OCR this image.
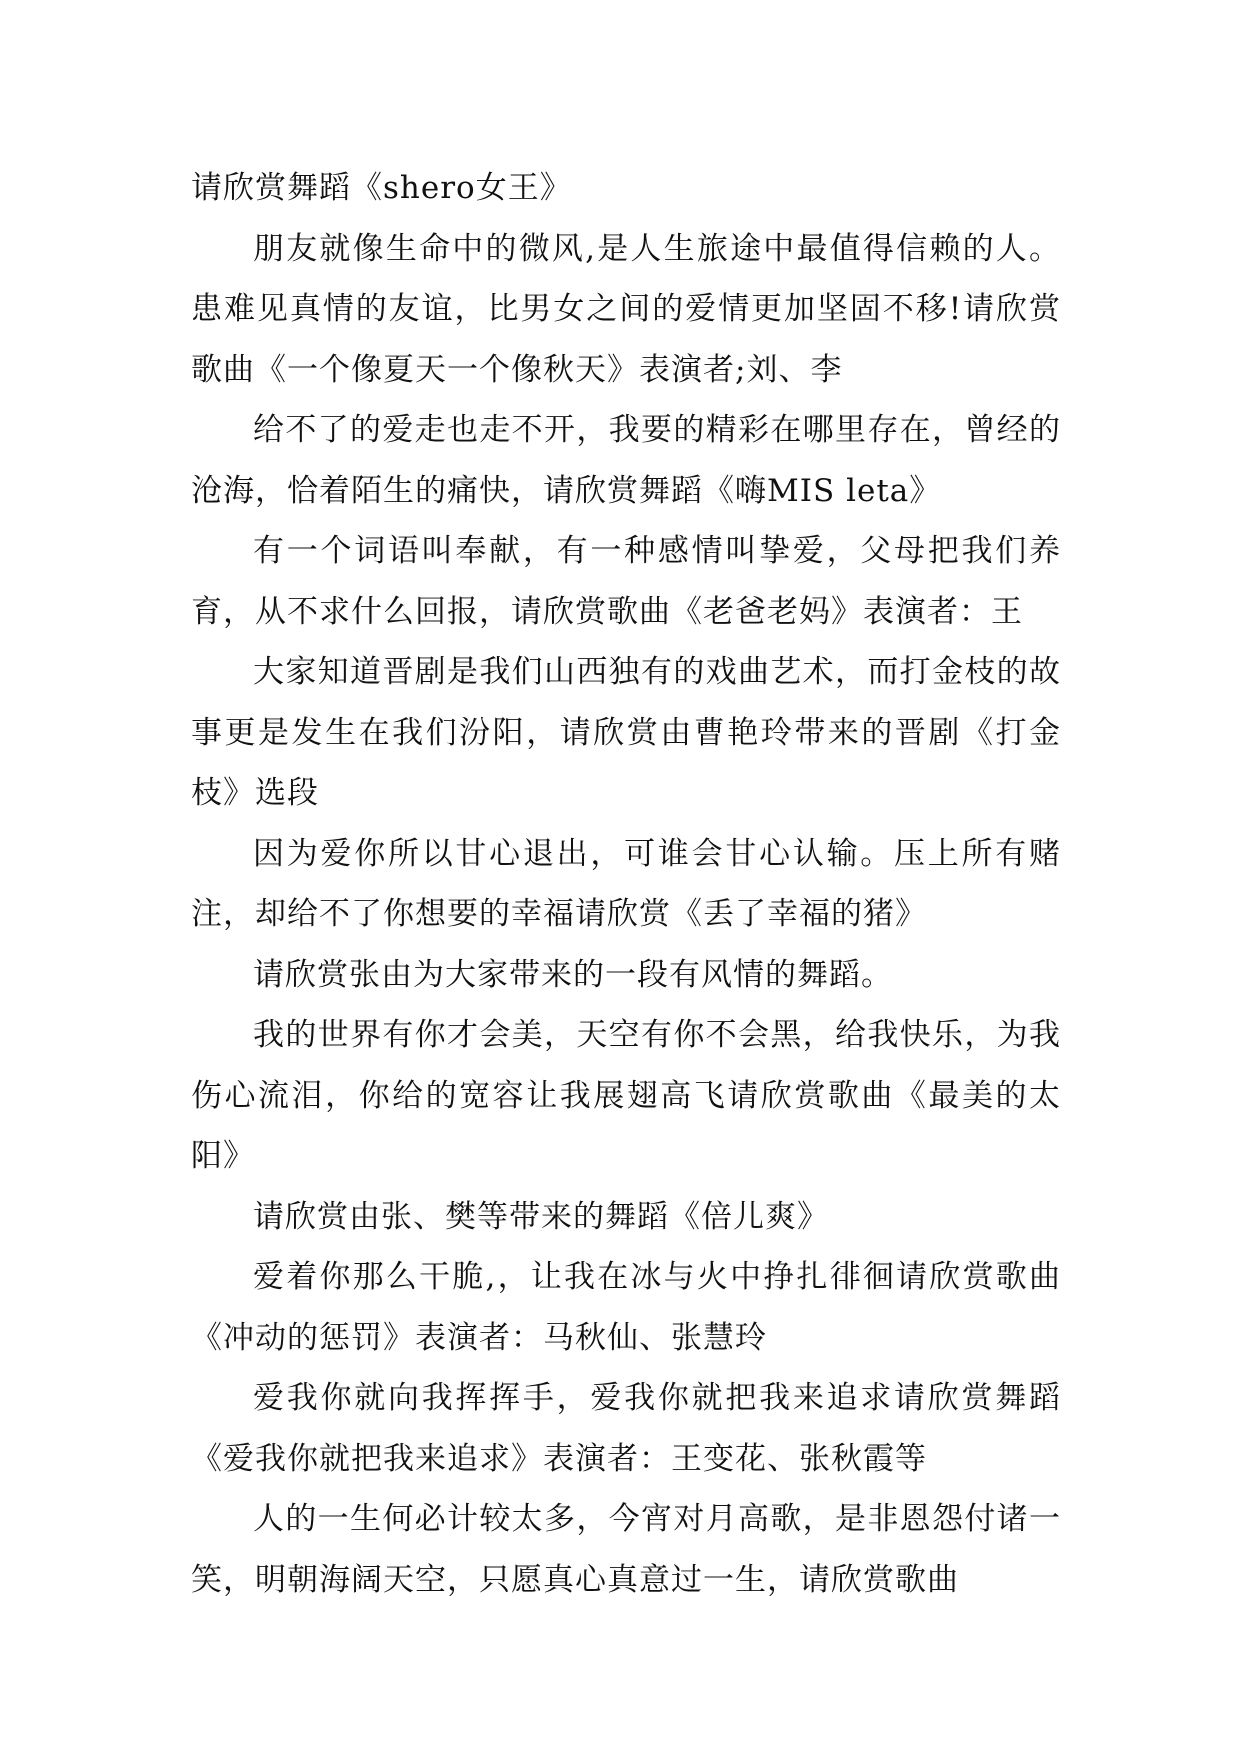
请欣赏舞蹈《shero女王》

朋友就像生命中的微风,是人生旅途中最值得信赖的人。患难见真情的友谊，比男女之间的爱情更加坚固不移!请欣赏歌曲《一个像夏天一个像秋天》表演者;刘、李

给不了的爱走也走不开，我要的精彩在哪里存在，曾经的沧海，恰着陌生的痛快，请欣赏舞蹈《嗨MIS leta》

有一个词语叫奉献，有一种感情叫挚爱，父母把我们养育，从不求什么回报，请欣赏歌曲《老爸老妈》表演者：王

大家知道晋剧是我们山西独有的戏曲艺术，而打金枝的故事更是发生在我们汾阳，请欣赏由曹艳玲带来的晋剧《打金枝》选段

因为爱你所以甘心退出，可谁会甘心认输。压上所有赌注，却给不了你想要的幸福请欣赏《丢了幸福的猪》

请欣赏张由为大家带来的一段有风情的舞蹈。

我的世界有你才会美，天空有你不会黑，给我快乐，为我伤心流泪，你给的宽容让我展翅高飞请欣赏歌曲《最美的太阳》

请欣赏由张、樊等带来的舞蹈《倍儿爽》

爱着你那么干脆,，让我在冰与火中挣扎徘徊请欣赏歌曲《冲动的惩罚》表演者：马秋仙、张慧玲

爱我你就向我挥挥手，爱我你就把我来追求请欣赏舞蹈《爱我你就把我来追求》表演者：王变花、张秋霞等

人的一生何必计较太多，今宵对月高歌，是非恩怨付诸一笑，明朝海阔天空，只愿真心真意过一生，请欣赏歌曲
